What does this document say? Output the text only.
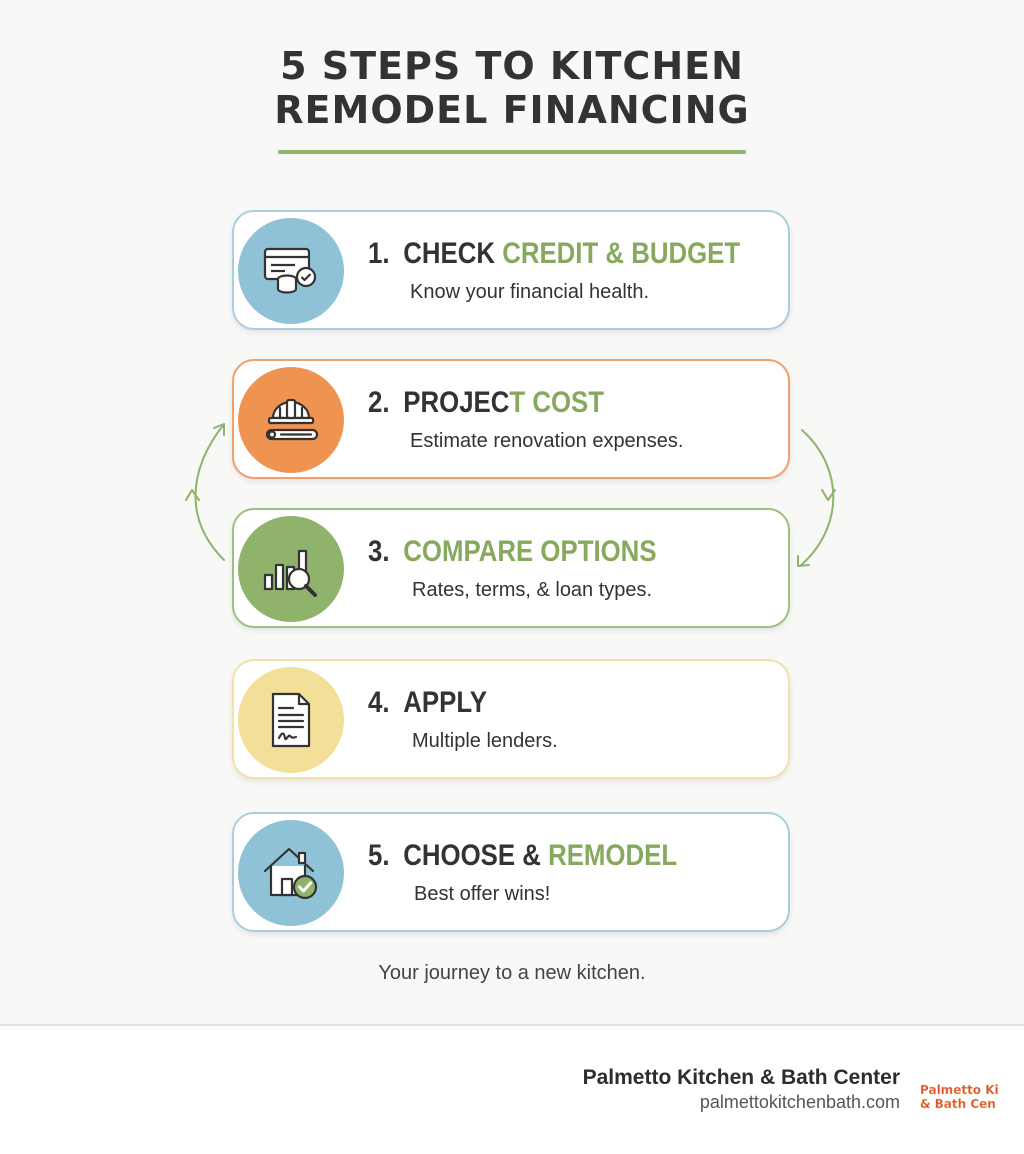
5 STEPS TO KITCHEN
REMODEL FINANCING
1. CHECK CREDIT & BUDGET
Know your financial health.
2. PROJECT COST
Estimate renovation expenses.
3. COMPARE OPTIONS
Rates, terms, & loan types.
4. APPLY
Multiple lenders.
5. CHOOSE & REMODEL
Best offer wins!
Your journey to a new kitchen.
Palmetto Kitchen & Bath Center
palmettokitchenbath.com
Palmetto Ki
& Bath Cen
